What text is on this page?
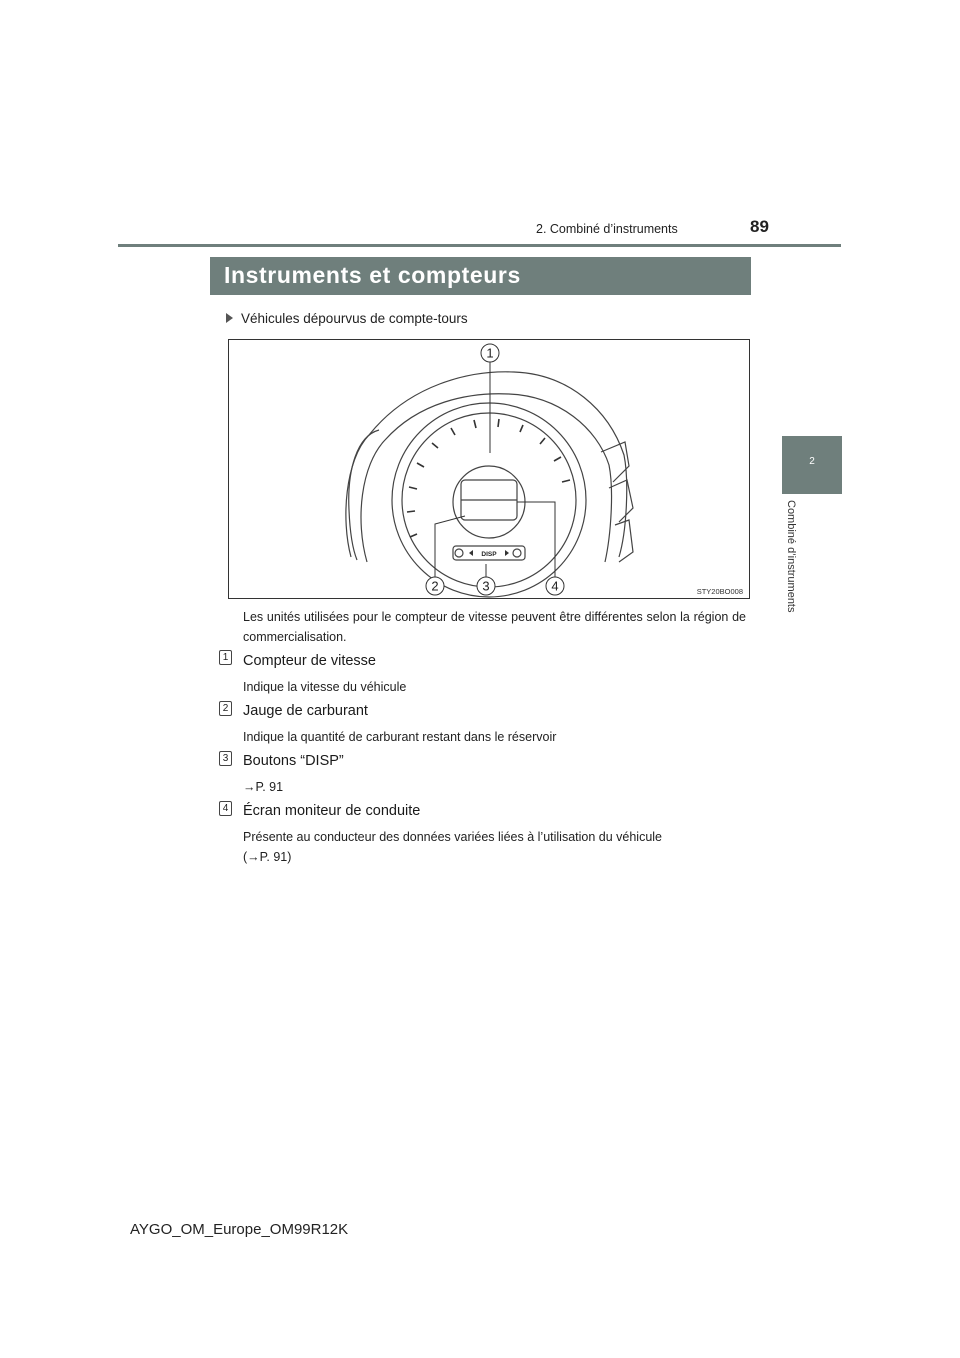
2. Combiné d’instruments	89
2
Combiné d’instruments
Instruments et compteurs
Véhicules dépourvus de compte-tours
1
2	3	4
DISP
STY20BO008
Les unités utilisées pour le compteur de vitesse peuvent être différentes selon la région de commercialisation.
1 Compteur de vitesse
Indique la vitesse du véhicule
2 Jauge de carburant
Indique la quantité de carburant restant dans le réservoir
3 Boutons “DISP”
→P. 91
4 Écran moniteur de conduite
Présente au conducteur des données variées liées à l’utilisation du véhicule
(→P. 91)
AYGO_OM_Europe_OM99R12K
